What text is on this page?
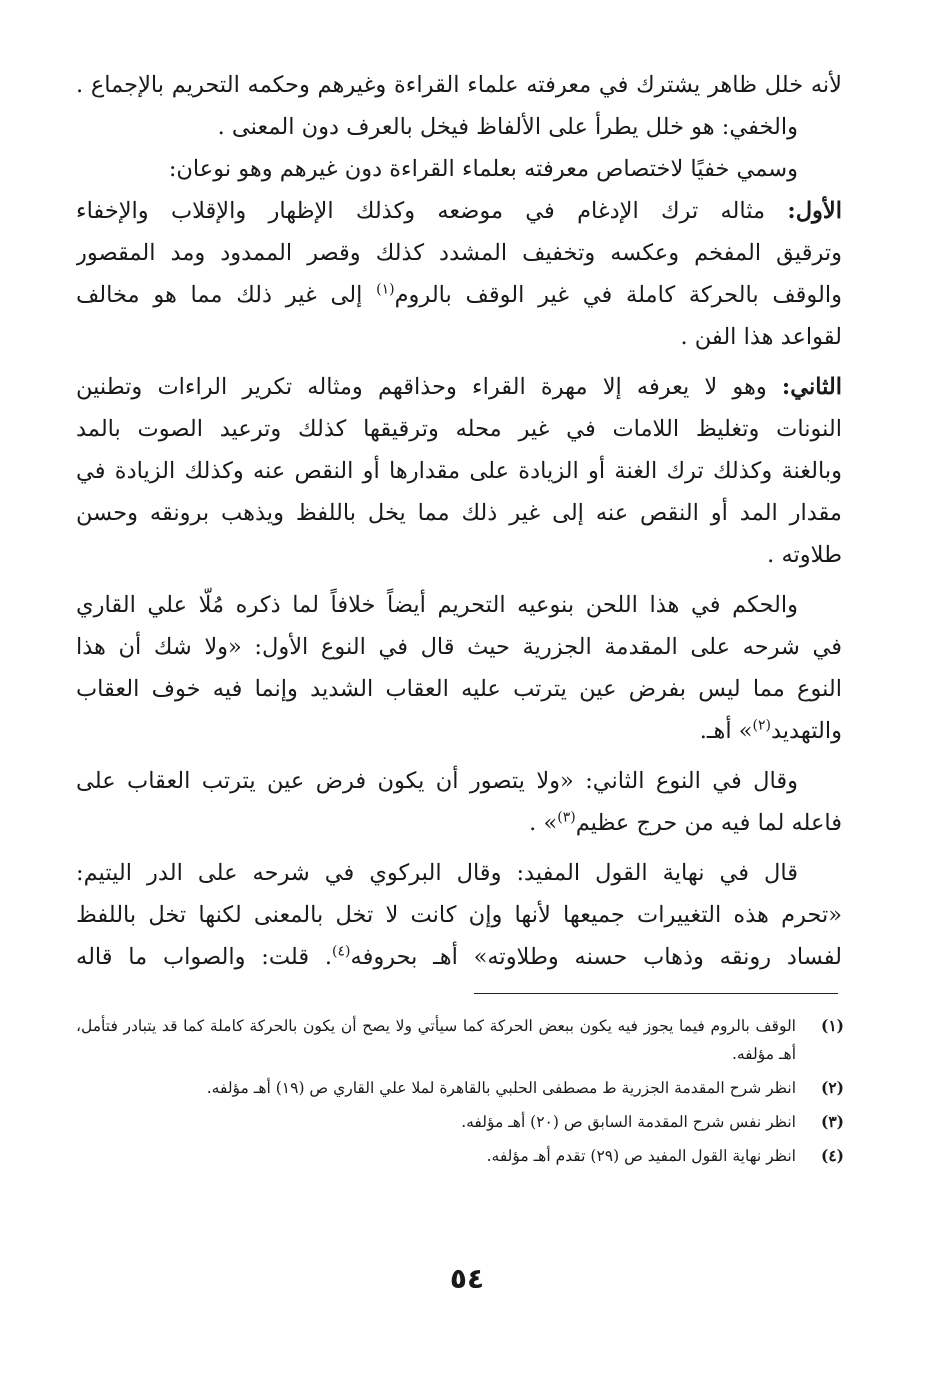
لأنه خلل ظاهر يشترك في معرفته علماء القراءة وغيرهم وحكمه التحريم بالإجماع .
والخفي: هو خلل يطرأ على الألفاظ فيخل بالعرف دون المعنى .
وسمي خفيًا لاختصاص معرفته بعلماء القراءة دون غيرهم وهو نوعان:
الأول: مثاله ترك الإدغام في موضعه وكذلك الإظهار والإقلاب والإخفاء
وترقيق المفخم وعكسه وتخفيف المشدد كذلك وقصر الممدود ومد المقصور
والوقف بالحركة كاملة في غير الوقف بالروم$^{(١)}$ إلى غير ذلك مما هو مخالف
لقواعد هذا الفن .
الثاني: وهو لا يعرفه إلا مهرة القراء وحذاقهم ومثاله تكرير الراءات وتطنين
النونات وتغليظ اللامات في غير محله وترقيقها كذلك وترعيد الصوت بالمد
وبالغنة وكذلك ترك الغنة أو الزيادة على مقدارها أو النقص عنه وكذلك الزيادة في
مقدار المد أو النقص عنه إلى غير ذلك مما يخل باللفظ ويذهب برونقه وحسن
طلاوته .
والحكم في هذا اللحن بنوعيه التحريم أيضاً خلافاً لما ذكره مُلّا علي القاري
في شرحه على المقدمة الجزرية حيث قال في النوع الأول: «ولا شك أن هذا
النوع مما ليس بفرض عين يترتب عليه العقاب الشديد وإنما فيه خوف العقاب
والتهديد$^{(٢)}$» أهـ.
وقال في النوع الثاني: «ولا يتصور أن يكون فرض عين يترتب العقاب على
فاعله لما فيه من حرج عظيم$^{(٣)}$» .
قال في نهاية القول المفيد: وقال البركوي في شرحه على الدر اليتيم:
«تحرم هذه التغييرات جميعها لأنها وإن كانت لا تخل بالمعنى لكنها تخل باللفظ
لفساد رونقه وذهاب حسنه وطلاوته» أهـ بحروفه$^{(٤)}$. قلت: والصواب ما قاله
(١)
الوقف بالروم فيما يجوز فيه يكون ببعض الحركة كما سيأتي ولا يصح أن يكون بالحركة كاملة كما قد يتبادر فتأمل، أهـ مؤلفه.
(٢)
انظر شرح المقدمة الجزرية ط مصطفى الحلبي بالقاهرة لملا علي القاري ص (١٩) أهـ مؤلفه.
(٣)
انظر نفس شرح المقدمة السابق ص (٢٠) أهـ مؤلفه.
(٤)
انظر نهاية القول المفيد ص (٢٩) تقدم أهـ مؤلفه.
٥٤
